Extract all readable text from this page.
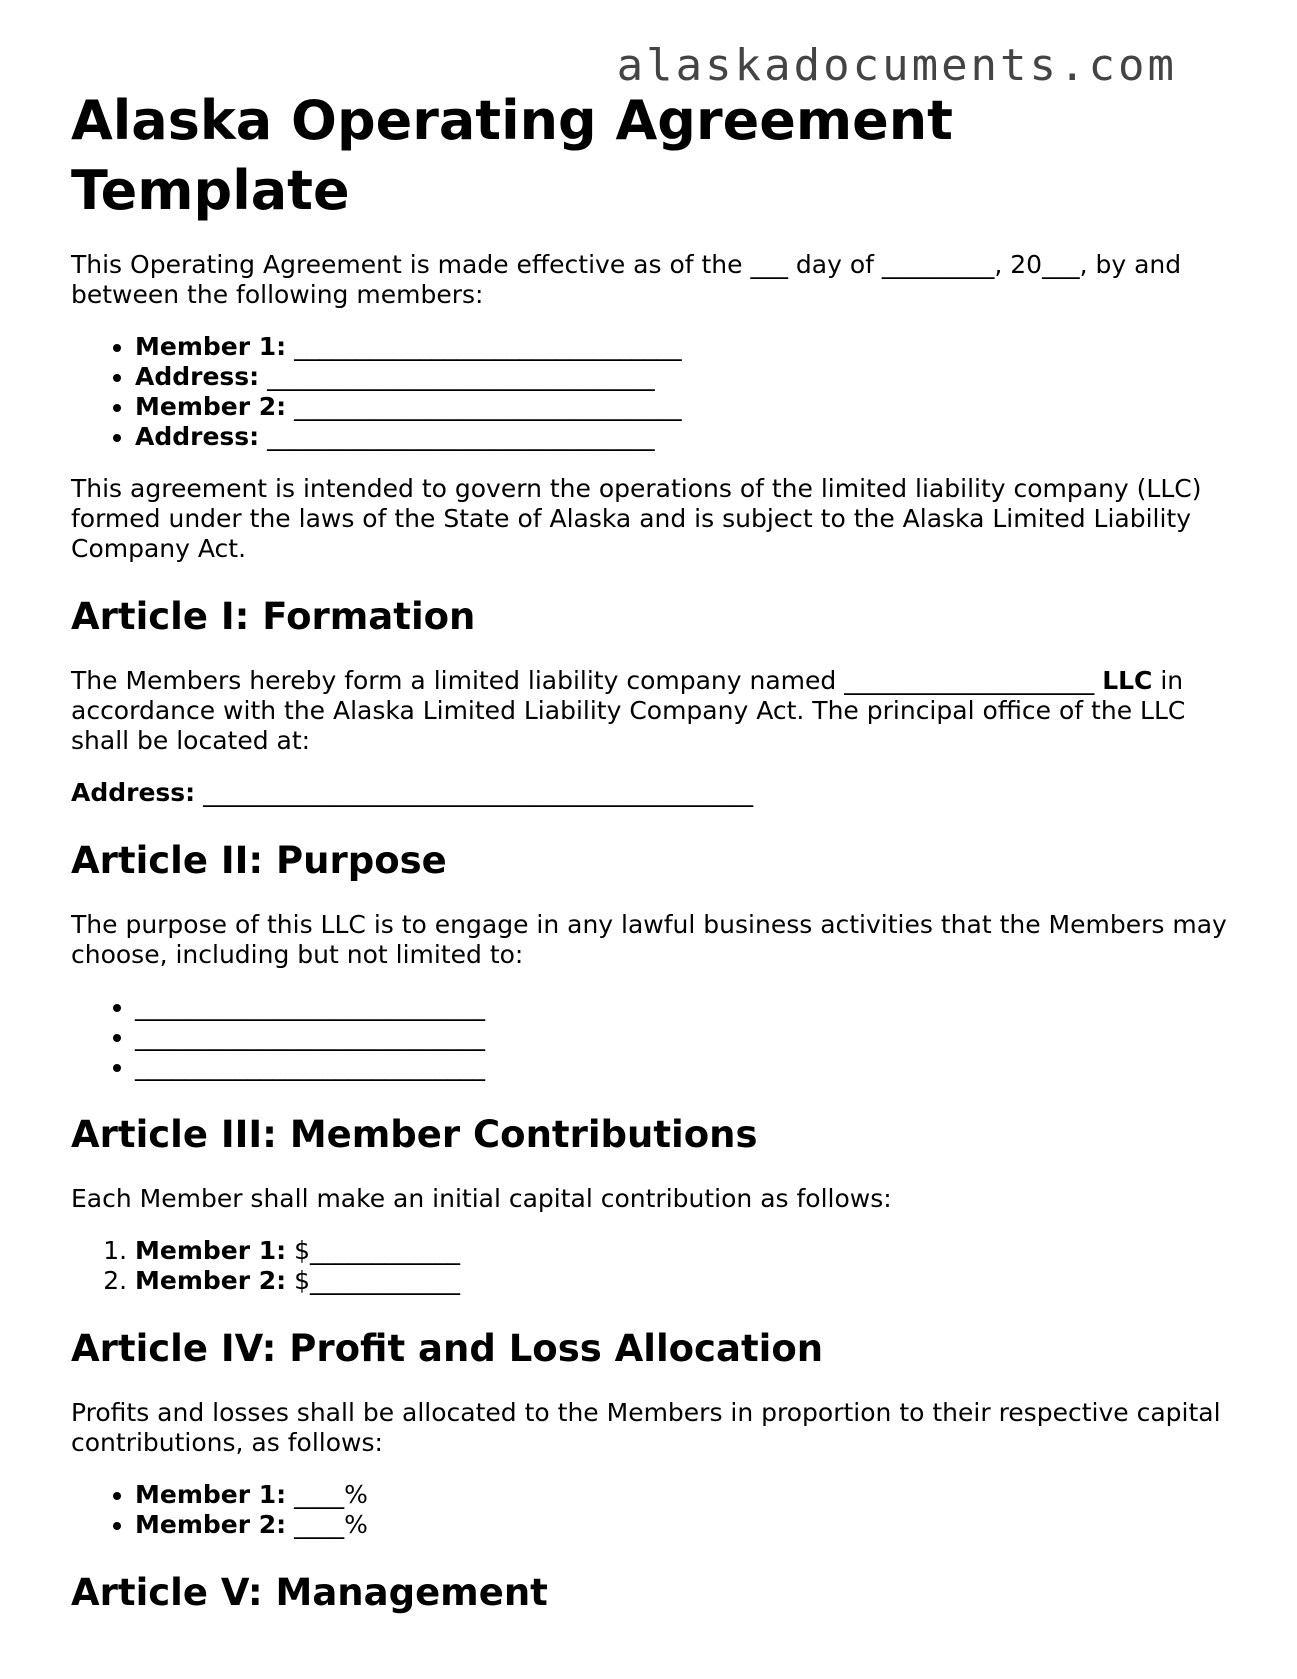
alaskadocuments.com
Alaska Operating Agreement Template

This Operating Agreement is made effective as of the ___ day of _________, 20___, by and between the following members:

• Member 1: _______________________________
• Address: _______________________________
• Member 2: _______________________________
• Address: _______________________________

This agreement is intended to govern the operations of the limited liability company (LLC) formed under the laws of the State of Alaska and is subject to the Alaska Limited Liability Company Act.

Article I: Formation

The Members hereby form a limited liability company named ____________________ LLC in accordance with the Alaska Limited Liability Company Act. The principal office of the LLC shall be located at:

Address: ____________________________________________

Article II: Purpose

The purpose of this LLC is to engage in any lawful business activities that the Members may choose, including but not limited to:

• ____________________________
• ____________________________
• ____________________________
Article III: Member Contributions

Each Member shall make an initial capital contribution as follows:

1. Member 1: $____________
2. Member 2: $____________
Article IV: Profit and Loss Allocation

Profits and losses shall be allocated to the Members in proportion to their respective capital contributions, as follows:

• Member 1: ____%
• Member 2: ____%
Article V: Management
